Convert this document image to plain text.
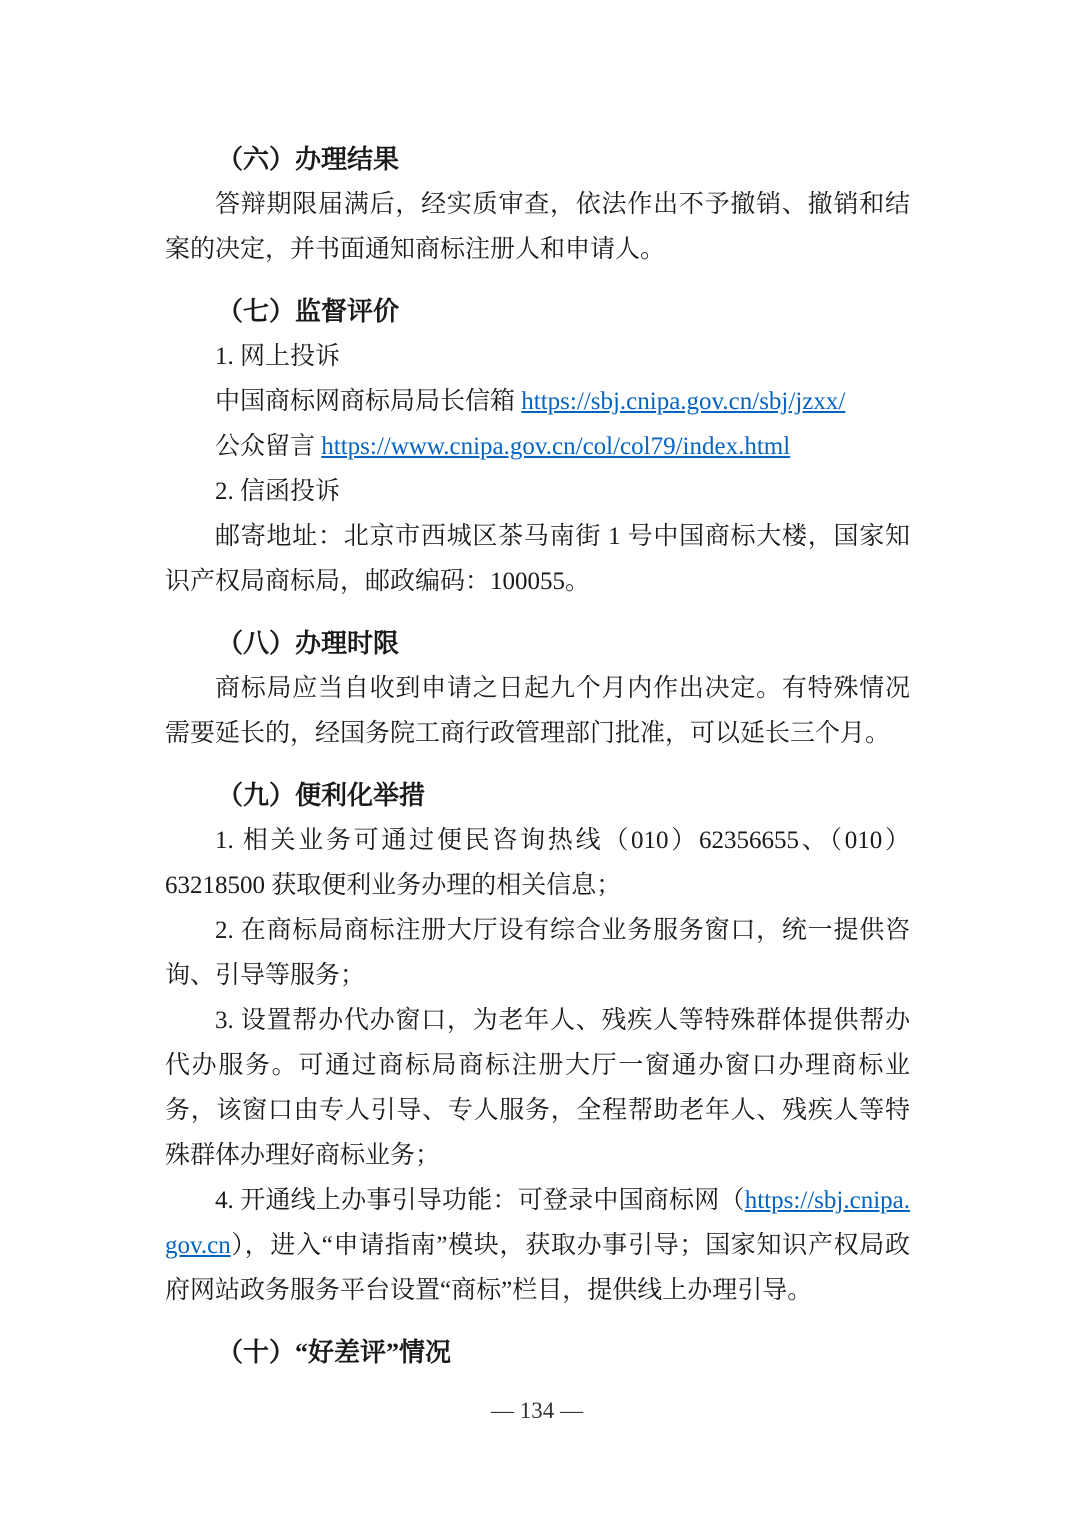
（六）办理结果

答辩期限届满后，经实质审查，依法作出不予撤销、撤销和结案的决定，并书面通知商标注册人和申请人。

（七）监督评价

1. 网上投诉

中国商标网商标局局长信箱 https://sbj.cnipa.gov.cn/sbj/jzxx/

公众留言 https://www.cnipa.gov.cn/col/col79/index.html

2. 信函投诉

邮寄地址：北京市西城区茶马南街 1 号中国商标大楼，国家知识产权局商标局，邮政编码：100055。

（八）办理时限

商标局应当自收到申请之日起九个月内作出决定。有特殊情况需要延长的，经国务院工商行政管理部门批准，可以延长三个月。

（九）便利化举措

1. 相关业务可通过便民咨询热线（010）62356655、（010）63218500 获取便利业务办理的相关信息；

2. 在商标局商标注册大厅设有综合业务服务窗口，统一提供咨询、引导等服务；

3. 设置帮办代办窗口，为老年人、残疾人等特殊群体提供帮办代办服务。可通过商标局商标注册大厅一窗通办窗口办理商标业务，该窗口由专人引导、专人服务，全程帮助老年人、残疾人等特殊群体办理好商标业务；

4. 开通线上办事引导功能：可登录中国商标网（https://sbj.cnipa.gov.cn），进入“申请指南”模块，获取办事引导；国家知识产权局政府网站政务服务平台设置“商标”栏目，提供线上办理引导。

（十）“好差评”情况
— 134 —
